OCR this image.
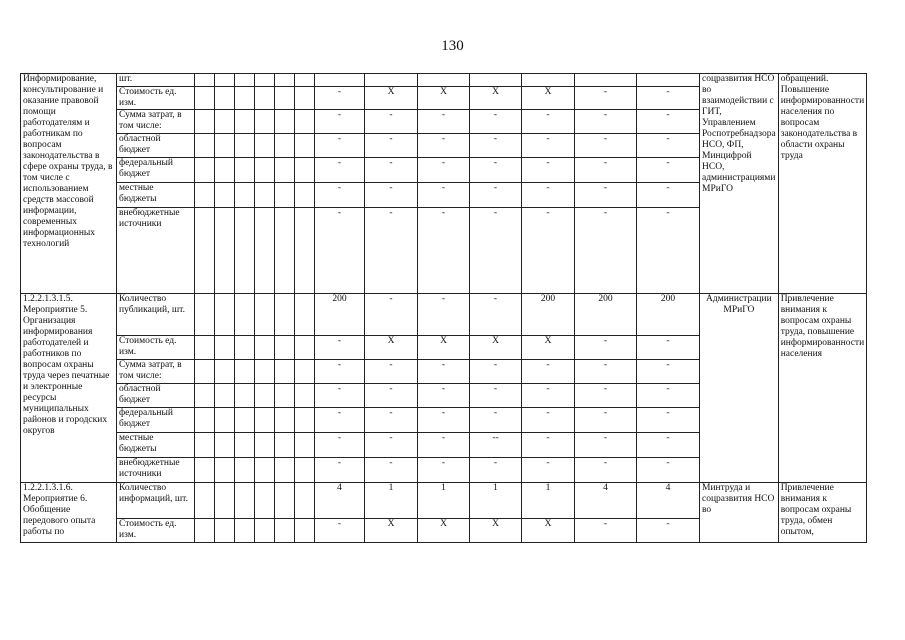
130
Информирование, консультирование и оказание правовой помощи работодателям и работникам по вопросам законодательства в сфере охраны труда, в том числе с использованием средств массовой информации, современных информационных технологий	шт.														соцразвития НСО во взаимодействии с ГИТ, Управлением Роспотребнадзора НСО, ФП, Минцифрой НСО, администрациями МРиГО	обращений. Повышение информированности населения по вопросам законодательства в области охраны труда
	Стоимость ед. изм.							-	Х	Х	Х	Х	-	-		
	Сумма затрат, в том числе:							-	-	-	-	-	-	-		
	областной бюджет							-	-	-	-	-	-	-		
	федеральный бюджет							-	-	-	-	-	-	-		
	местные бюджеты							-	-	-	-	-	-	-		
	внебюджетные источники							-	-	-	-	-	-	-		
1.2.2.1.3.1.5. Мероприятие 5. Организация информирования работодателей и работников по вопросам охраны труда через печатные и электронные ресурсы муниципальных районов и городских округов	Количество публикаций, шт.							200	-	-	-	200	200	200	Администрации МРиГО	Привлечение внимания к вопросам охраны труда, повышение информированности населения
	Стоимость ед. изм.							-	Х	Х	Х	Х	-	-		
	Сумма затрат, в том числе:							-	-	-	-	-	-	-		
	областной бюджет							-	-	-	-	-	-	-		
	федеральный бюджет							-	-	-	-	-	-	-		
	местные бюджеты							-	-	-	--	-	-	-		
	внебюджетные источники							-	-	-	-	-	-	-		
1.2.2.1.3.1.6. Мероприятие 6. Обобщение передового опыта работы по	Количество информаций, шт.							4	1	1	1	1	4	4	Минтруда и соцразвития НСО во	Привлечение внимания к вопросам охраны труда, обмен опытом,
	Стоимость ед. изм.							-	Х	Х	Х	Х	-	-		
